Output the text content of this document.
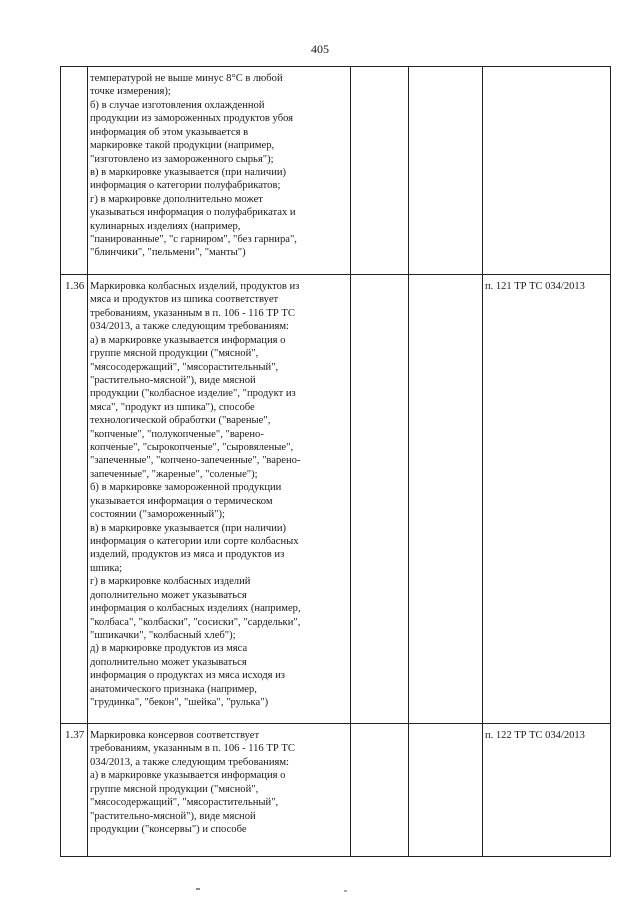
405
температурой не выше минус 8°C в любой
точке измерения);
б) в случае изготовления охлажденной
продукции из замороженных продуктов убоя
информация об этом указывается в
маркировке такой продукции (например,
"изготовлено из замороженного сырья");
в) в маркировке указывается (при наличии)
информация о категории полуфабрикатов;
г) в маркировке дополнительно может
указываться информация о полуфабрикатах и
кулинарных изделиях (например,
"панированные", "с гарниром", "без гарнира",
"блинчики", "пельмени", "манты")
1.36 Маркировка колбасных изделий, продуктов из
мяса и продуктов из шпика соответствует
требованиям, указанным в п. 106 - 116 ТР ТС
034/2013, а также следующим требованиям:
а) в маркировке указывается информация о
группе мясной продукции ("мясной",
"мясосодержащий", "мясорастительный",
"растительно-мясной"), виде мясной
продукции ("колбасное изделие", "продукт из
мяса", "продукт из шпика"), способе
технологической обработки ("вареные",
"копченые", "полукопченые", "варено-
копченые", "сырокопченые", "сыровяленые",
"запеченные", "копчено-запеченные", "варено-
запеченные", "жареные", "соленые");
б) в маркировке замороженной продукции
указывается информация о термическом
состоянии ("замороженный");
в) в маркировке указывается (при наличии)
информация о категории или сорте колбасных
изделий, продуктов из мяса и продуктов из
шпика;
г) в маркировке колбасных изделий
дополнительно может указываться
информация о колбасных изделиях (например,
"колбаса", "колбаски", "сосиски", "сардельки",
"шпикачки", "колбасный хлеб");
д) в маркировке продуктов из мяса
дополнительно может указываться
информация о продуктах из мяса исходя из
анатомического признака (например,
"грудинка", "бекон", "шейка", "рулька")
п. 121 ТР ТС 034/2013
1.37 Маркировка консервов соответствует
требованиям, указанным в п. 106 - 116 ТР ТС
034/2013, а также следующим требованиям:
а) в маркировке указывается информация о
группе мясной продукции ("мясной",
"мясосодержащий", "мясорастительный",
"растительно-мясной"), виде мясной
продукции ("консервы") и способе
п. 122 ТР ТС 034/2013
